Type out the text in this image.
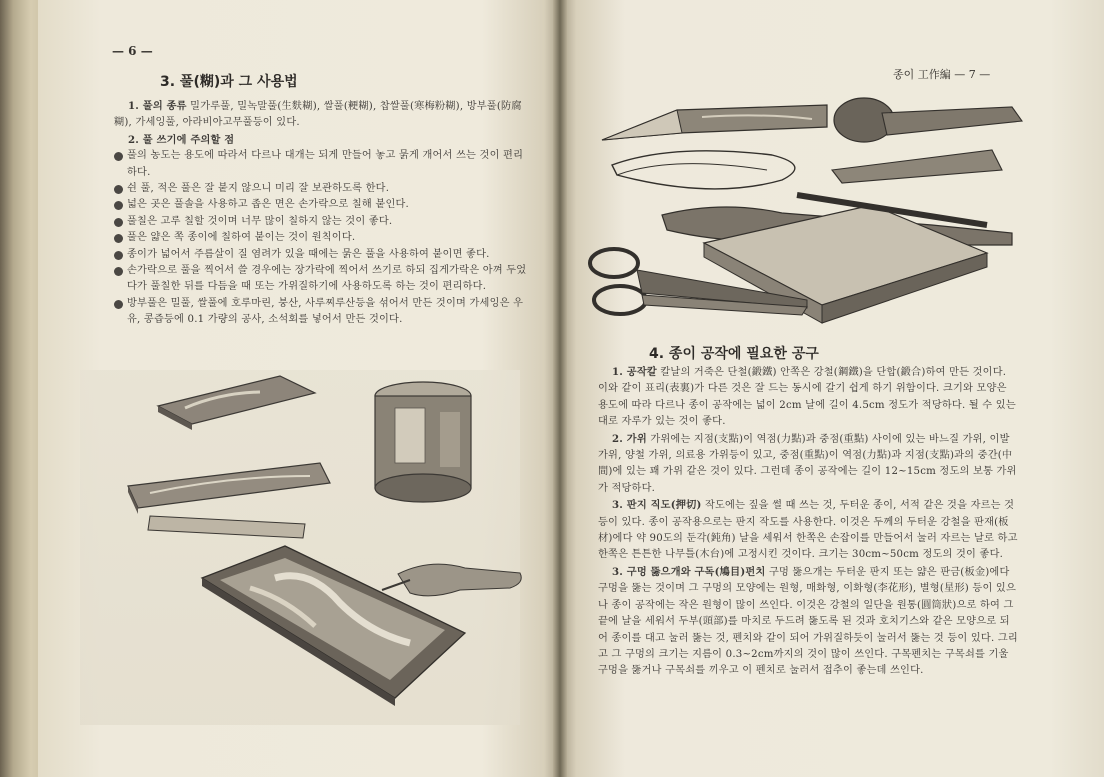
— 6 —
3. 풀(糊)과 그 사용법

1. 풀의 종류 밀가루풀, 밀녹말풀(生麩糊), 쌀풀(粳糊), 찹쌀풀(寒梅粉糊), 방부풀(防腐糊), 가세잉풀, 아라비아고무풀등이 있다.

2. 풀 쓰기에 주의할 점

풀의 농도는 용도에 따라서 다르나 대개는 되게 만들어 놓고 묽게 개어서 쓰는 것이 편리하다.
쉰 풀, 적은 풀은 잘 붙지 않으니 미리 잘 보관하도록 한다.
넓은 곳은 풀솔을 사용하고 좁은 면은 손가락으로 칠해 붙인다.
풀칠은 고루 칠할 것이며 너무 많이 칠하지 않는 것이 좋다.
풀은 얇은 쪽 종이에 칠하여 붙이는 것이 원칙이다.
종이가 넓어서 주름살이 질 염려가 있을 때에는 묽은 풀을 사용하여 붙이면 좋다.
손가락으로 풀을 찍어서 쓸 경우에는 장가락에 찍어서 쓰기로 하되 집게가락은 아껴 두었다가 풀칠한 뒤를 다듬을 때 또는 가위질하기에 사용하도록 하는 것이 편리하다.
방부풀은 밀풀, 쌀풀에 호루마린, 붕산, 사루찌루산등을 섞어서 만든 것이며 가세잉은 우유, 콩즙등에 0.1 가량의 공사, 소석회를 넣어서 만든 것이다.
종이 工作編 — 7 —
4. 종이 공작에 필요한 공구

1. 공작칼 칼날의 거죽은 단철(鍛鐵) 안쪽은 강철(鋼鐵)을 단합(鍛合)하여 만든 것이다. 이와 같이 표리(表裏)가 다른 것은 잘 드는 동시에 갈기 쉽게 하기 위함이다. 크기와 모양은 용도에 따라 다르나 종이 공작에는 넓이 2cm 날에 길이 4.5cm 정도가 적당하다. 될 수 있는 대로 자루가 있는 것이 좋다.

2. 가위 가위에는 지점(支點)이 역점(力點)과 중점(重點) 사이에 있는 바느질 가위, 이발 가위, 양철 가위, 의료용 가위등이 있고, 중점(重點)이 역점(力點)과 지점(支點)과의 중간(中間)에 있는 꽤 가위 같은 것이 있다. 그런데 종이 공작에는 길이 12~15cm 정도의 보통 가위가 적당하다.

3. 판지 직도(押切) 작도에는 짚을 썰 때 쓰는 것, 두터운 종이, 서적 같은 것을 자르는 것 등이 있다. 종이 공작용으로는 판지 작도를 사용한다. 이것은 두께의 두터운 강철을 판재(板材)에다 약 90도의 둔각(鈍角) 날을 세워서 한쪽은 손잡이를 만들어서 눌러 자르는 날로 하고 한쪽은 튼튼한 나무틀(木台)에 고정시킨 것이다. 크기는 30cm~50cm 정도의 것이 좋다.

3. 구멍 뚫으개와 구독(鳩目)펀치 구멍 뚫으개는 두터운 판지 또는 얇은 판금(板金)에다 구멍을 뚫는 것이며 그 구멍의 모양에는 원형, 매화형, 이화형(李花形), 별형(星形) 등이 있으나 종이 공작에는 작은 원형이 많이 쓰인다. 이것은 강철의 일단을 원통(圓筒狀)으로 하여 그 끝에 날을 세워서 두부(頭部)를 마치로 두드려 뚫도록 된 것과 호치기스와 같은 모양으로 되어 종이를 대고 눌러 뚫는 것, 펜치와 같이 되어 가위질하듯이 눌러서 뚫는 것 등이 있다. 그리고 그 구멍의 크기는 지름이 0.3~2cm까지의 것이 많이 쓰인다. 구목펜치는 구목쇠를 기울 구멍을 뚫거나 구목쇠를 끼우고 이 펜치로 눌러서 접추이 좋는데 쓰인다.
